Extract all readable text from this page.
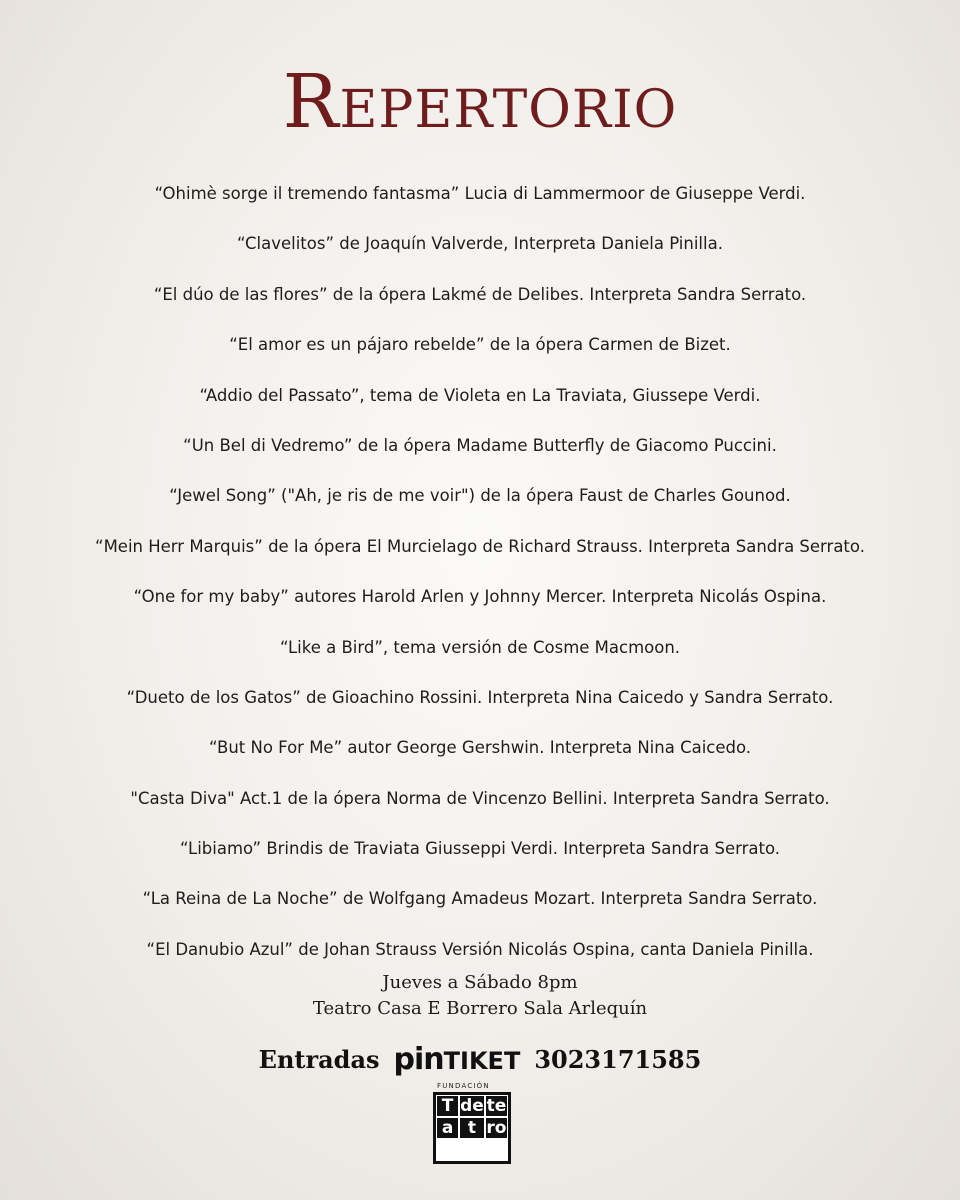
Repertorio
“Ohimè sorge il tremendo fantasma” Lucia di Lammermoor de Giuseppe Verdi.
“Clavelitos” de Joaquín Valverde, Interpreta Daniela Pinilla.
“El dúo de las flores” de la ópera Lakmé de Delibes. Interpreta Sandra Serrato.
“El amor es un pájaro rebelde” de la ópera Carmen de Bizet.
“Addio del Passato”, tema de Violeta en La Traviata, Giussepe Verdi.
“Un Bel di Vedremo” de la ópera Madame Butterfly de Giacomo Puccini.
“Jewel Song” ("Ah, je ris de me voir") de la ópera Faust de Charles Gounod.
“Mein Herr Marquis” de la ópera El Murcielago de Richard Strauss. Interpreta Sandra Serrato.
“One for my baby” autores Harold Arlen y Johnny Mercer. Interpreta Nicolás Ospina.
“Like a Bird”, tema versión de Cosme Macmoon.
“Dueto de los Gatos” de Gioachino Rossini. Interpreta Nina Caicedo y Sandra Serrato.
“But No For Me” autor George Gershwin. Interpreta Nina Caicedo.
"Casta Diva" Act.1 de la ópera Norma de Vincenzo Bellini. Interpreta Sandra Serrato.
“Libiamo” Brindis de Traviata Giusseppi Verdi. Interpreta Sandra Serrato.
“La Reina de La Noche” de Wolfgang Amadeus Mozart. Interpreta Sandra Serrato.
“El Danubio Azul” de Johan Strauss Versión Nicolás Ospina, canta Daniela Pinilla.
Jueves a Sábado 8pm
Teatro Casa E Borrero Sala Arlequín
Entradas pin TIKET 3023171585
FUNDACIÓN
T de te
a t ro
